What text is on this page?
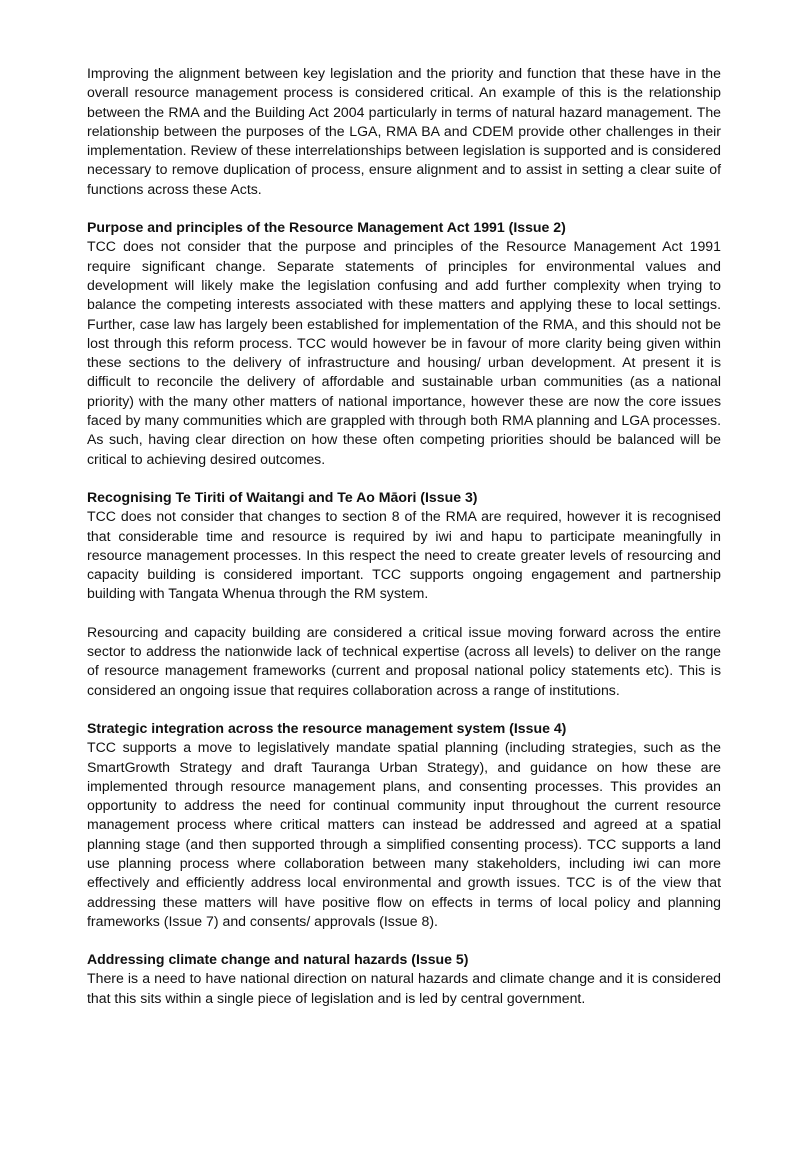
Improving the alignment between key legislation and the priority and function that these have in the overall resource management process is considered critical. An example of this is the relationship between the RMA and the Building Act 2004 particularly in terms of natural hazard management. The relationship between the purposes of the LGA, RMA BA and CDEM provide other challenges in their implementation. Review of these interrelationships between legislation is supported and is considered necessary to remove duplication of process, ensure alignment and to assist in setting a clear suite of functions across these Acts.

Purpose and principles of the Resource Management Act 1991 (Issue 2)

TCC does not consider that the purpose and principles of the Resource Management Act 1991 require significant change. Separate statements of principles for environmental values and development will likely make the legislation confusing and add further complexity when trying to balance the competing interests associated with these matters and applying these to local settings. Further, case law has largely been established for implementation of the RMA, and this should not be lost through this reform process. TCC would however be in favour of more clarity being given within these sections to the delivery of infrastructure and housing/ urban development. At present it is difficult to reconcile the delivery of affordable and sustainable urban communities (as a national priority) with the many other matters of national importance, however these are now the core issues faced by many communities which are grappled with through both RMA planning and LGA processes. As such, having clear direction on how these often competing priorities should be balanced will be critical to achieving desired outcomes.

Recognising Te Tiriti of Waitangi and Te Ao Māori (Issue 3)

TCC does not consider that changes to section 8 of the RMA are required, however it is recognised that considerable time and resource is required by iwi and hapu to participate meaningfully in resource management processes. In this respect the need to create greater levels of resourcing and capacity building is considered important. TCC supports ongoing engagement and partnership building with Tangata Whenua through the RM system.

Resourcing and capacity building are considered a critical issue moving forward across the entire sector to address the nationwide lack of technical expertise (across all levels) to deliver on the range of resource management frameworks (current and proposal national policy statements etc). This is considered an ongoing issue that requires collaboration across a range of institutions.

Strategic integration across the resource management system (Issue 4)

TCC supports a move to legislatively mandate spatial planning (including strategies, such as the SmartGrowth Strategy and draft Tauranga Urban Strategy), and guidance on how these are implemented through resource management plans, and consenting processes. This provides an opportunity to address the need for continual community input throughout the current resource management process where critical matters can instead be addressed and agreed at a spatial planning stage (and then supported through a simplified consenting process). TCC supports a land use planning process where collaboration between many stakeholders, including iwi can more effectively and efficiently address local environmental and growth issues. TCC is of the view that addressing these matters will have positive flow on effects in terms of local policy and planning frameworks (Issue 7) and consents/ approvals (Issue 8).

Addressing climate change and natural hazards (Issue 5)

There is a need to have national direction on natural hazards and climate change and it is considered that this sits within a single piece of legislation and is led by central government.
